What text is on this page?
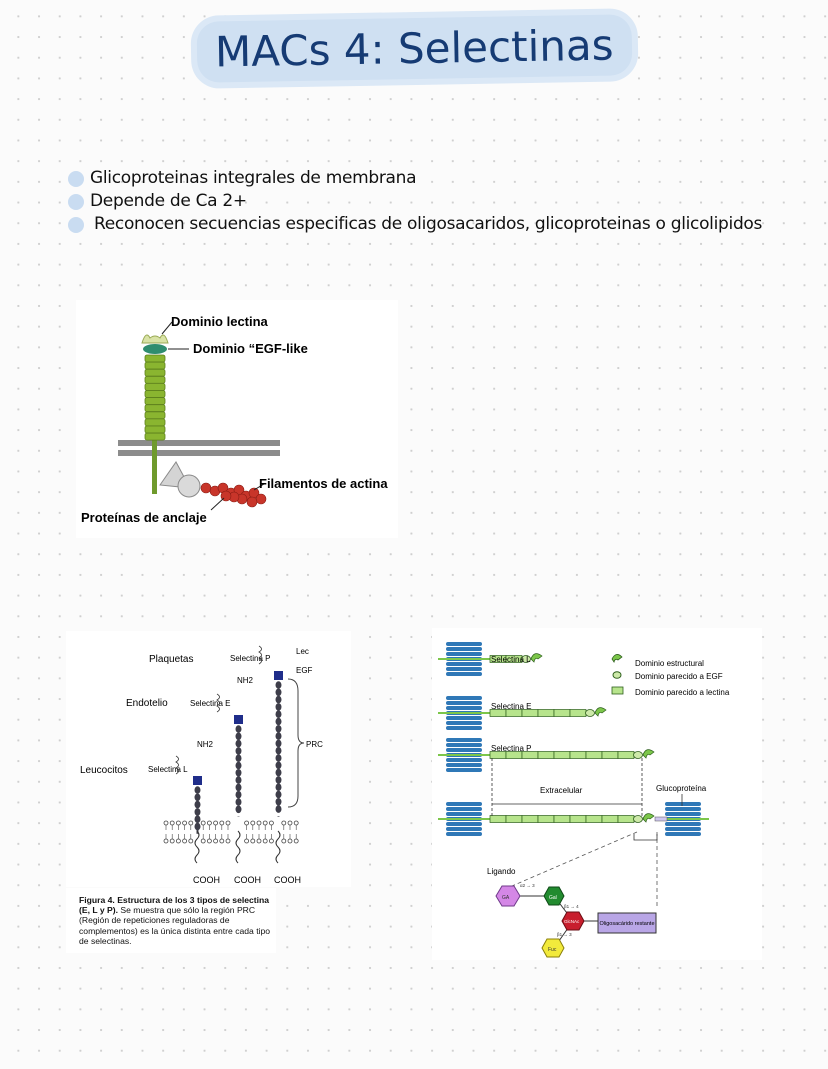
MACs 4: Selectinas
Glicoproteinas integrales de membrana
Depende de Ca 2+
Reconocen secuencias especificas de oligosacaridos, glicoproteinas o glicolipidos
Dominio lectina
Dominio “EGF-like
Filamentos de actina
Proteínas de anclaje
Plaquetas
Endotelio
Leucocitos
Selectina P
Selectina E
Selectina L
NH2
NH2
Lec
EGF
PRC
COOH COOH COOH
Figura 4. Estructura de los 3 tipos de selectina (E, L y P). Se muestra que sólo la región PRC (Región de repeticiones reguladoras de complementos) es la única distinta entre cada tipo de selectinas.
Selectina L
Selectina E
Selectina P
Dominio estructural
Dominio parecido a EGF
Dominio parecido a lectina
Extracelular	Glucoproteína
Ligando
GA	Gal
GlcNAc
Fuc
α2 → 3
β1 → 4
β1 → 3
Oligosacárido restante
